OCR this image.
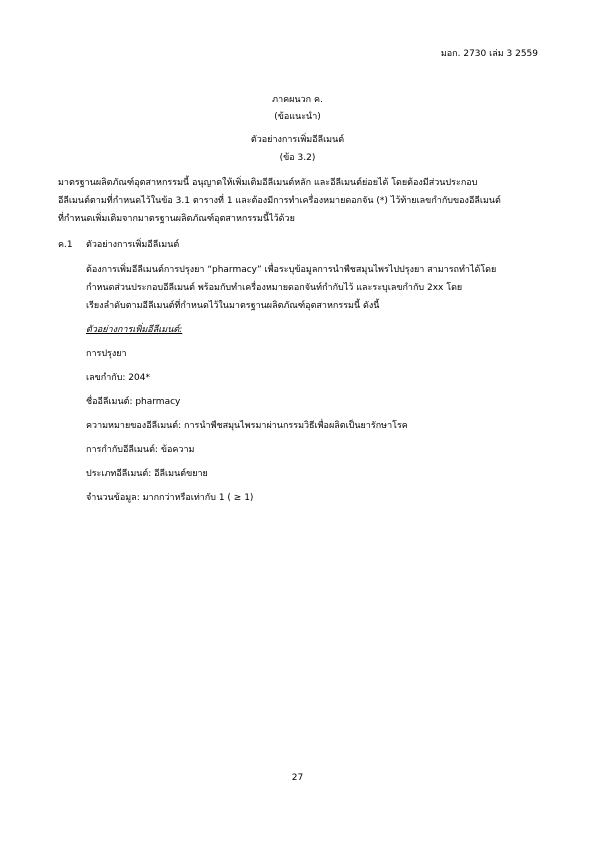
มอก. 2730 เล่ม 3 2559
ภาคผนวก ค.
(ข้อแนะนำ)
ตัวอย่างการเพิ่มอีลีเมนต์
(ข้อ 3.2)
มาตรฐานผลิตภัณฑ์อุตสาหกรรมนี้ อนุญาตให้เพิ่มเติมอีลีเมนต์หลัก และอีลีเมนต์ย่อยได้ โดยต้องมีส่วนประกอบ
อีลีเมนต์ตามที่กำหนดไว้ในข้อ 3.1 ตารางที่ 1 และต้องมีการทำเครื่องหมายดอกจัน (*) ไว้ท้ายเลขกำกับของอีลีเมนต์
ที่กำหนดเพิ่มเติมจากมาตรฐานผลิตภัณฑ์อุตสาหกรรมนี้ไว้ด้วย
ค.1 ตัวอย่างการเพิ่มอีลีเมนต์
ต้องการเพิ่มอีลีเมนต์การปรุงยา “pharmacy” เพื่อระบุข้อมูลการนำพืชสมุนไพรไปปรุงยา สามารถทำได้โดย
กำหนดส่วนประกอบอีลีเมนต์ พร้อมกับทำเครื่องหมายดอกจันท์กำกับไว้ และระบุเลขกำกับ 2xx โดย
เรียงลำดับตามอีลีเมนต์ที่กำหนดไว้ในมาตรฐานผลิตภัณฑ์อุตสาหกรรมนี้ ดังนี้
ตัวอย่างการเพิ่มอีลีเมนต์:
การปรุงยา
เลขกำกับ: 204*
ชื่ออีลีเมนต์: pharmacy
ความหมายของอีลีเมนต์: การนำพืชสมุนไพรมาผ่านกรรมวิธีเพื่อผลิตเป็นยารักษาโรค
การกำกับอีลีเมนต์: ข้อความ
ประเภทอีลีเมนต์: อีลีเมนต์ขยาย
จำนวนข้อมูล: มากกว่าหรือเท่ากับ 1 ( ≥ 1)
27
